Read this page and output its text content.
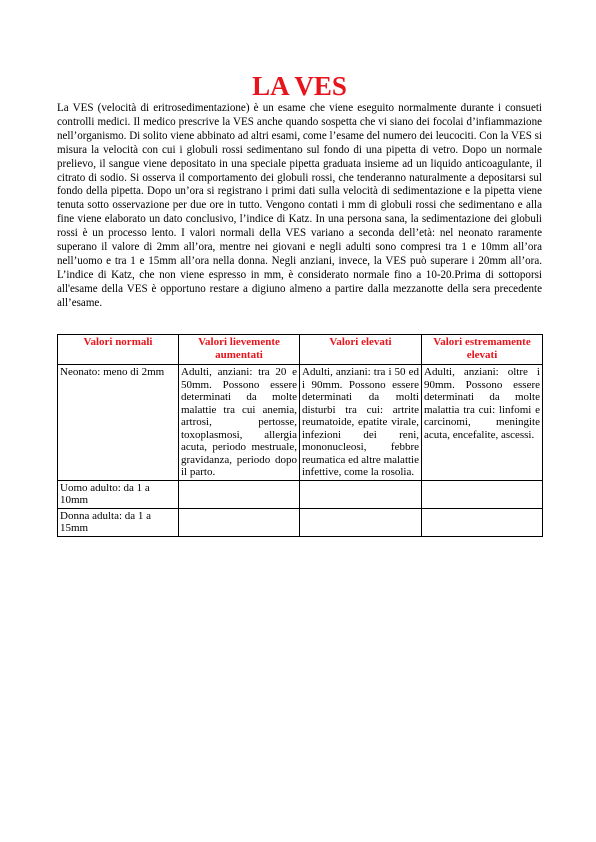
LA VES

La VES (velocità di eritrosedimentazione) è un esame che viene eseguito normalmente durante i consueti controlli medici. Il medico prescrive la VES anche quando sospetta che vi siano dei focolai d’infiammazione nell’organismo. Di solito viene abbinato ad altri esami, come l’esame del numero dei leucociti. Con la VES si misura la velocità con cui i globuli rossi sedimentano sul fondo di una pipetta di vetro. Dopo un normale prelievo, il sangue viene depositato in una speciale pipetta graduata insieme ad un liquido anticoagulante, il citrato di sodio. Si osserva il comportamento dei globuli rossi, che tenderanno naturalmente a depositarsi sul fondo della pipetta. Dopo un’ora si registrano i primi dati sulla velocità di sedimentazione e la pipetta viene tenuta sotto osservazione per due ore in tutto. Vengono contati i mm di globuli rossi che sedimentano e alla fine viene elaborato un dato conclusivo, l’indice di Katz. In una persona sana, la sedimentazione dei globuli rossi è un processo lento. I valori normali della VES variano a seconda dell’età: nel neonato raramente superano il valore di 2mm all’ora, mentre nei giovani e negli adulti sono compresi tra 1 e 10mm all’ora nell’uomo e tra 1 e 15mm all’ora nella donna. Negli anziani, invece, la VES può superare i 20mm all’ora. L’indice di Katz, che non viene espresso in mm, è considerato normale fino a 10-20.Prima di sottoporsi all'esame della VES è opportuno restare a digiuno almeno a partire dalla mezzanotte della sera precedente all’esame.

Valori normali	Valori lievemente aumentati	Valori elevati	Valori estremamente elevati
Neonato: meno di 2mm	Adulti, anziani: tra 20 e 50mm. Possono essere determinati da molte malattie tra cui anemia, artrosi, pertosse, toxoplasmosi, allergia acuta, periodo mestruale, gravidanza, periodo dopo il parto.	Adulti, anziani: tra i 50 ed i 90mm. Possono essere determinati da molti disturbi tra cui: artrite reumatoide, epatite virale, infezioni dei reni, mononucleosi, febbre reumatica ed altre malattie infettive, come la rosolia.	Adulti, anziani: oltre i 90mm. Possono essere determinati da molte malattia tra cui: linfomi e carcinomi, meningite acuta, encefalite, ascessi.
Uomo adulto: da 1 a 10mm			
Donna adulta: da 1 a 15mm			
